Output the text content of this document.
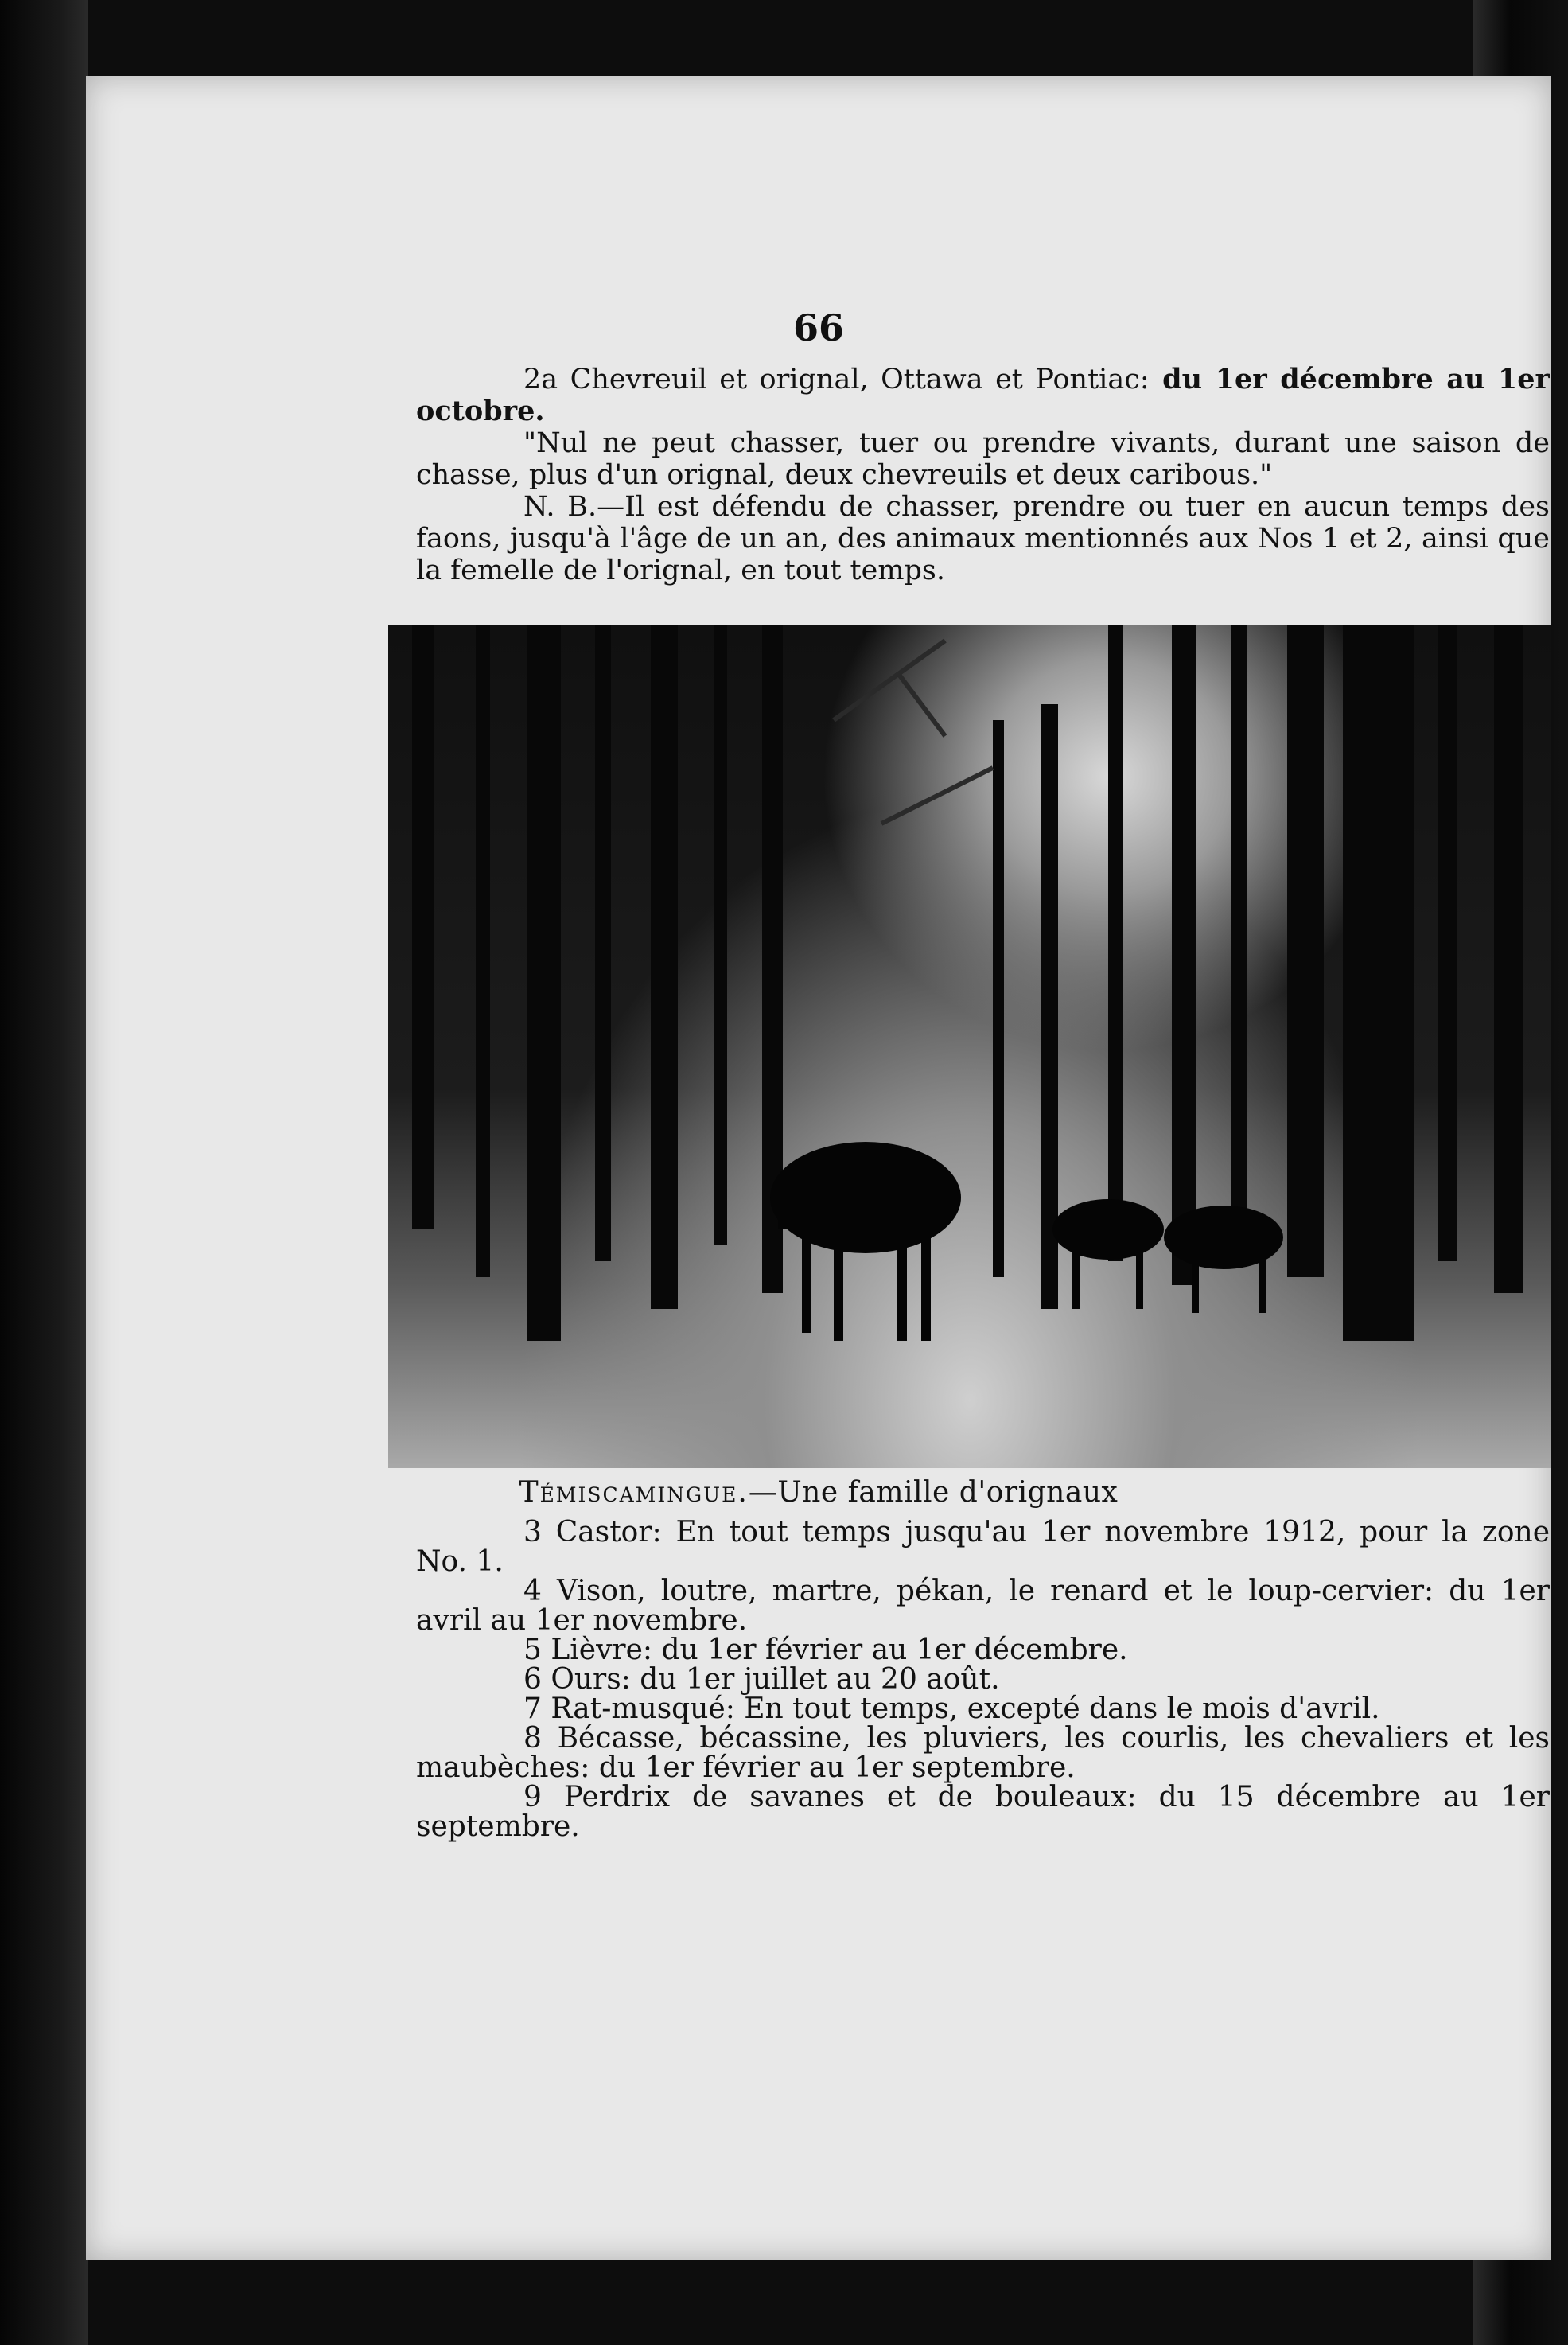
66

2a Chevreuil et orignal, Ottawa et Pontiac: du 1er décembre au 1er octobre.

"Nul ne peut chasser, tuer ou prendre vivants, durant une saison de chasse, plus d'un orignal, deux chevreuils et deux caribous."

N. B.—Il est défendu de chasser, prendre ou tuer en aucun temps des faons, jusqu'à l'âge de un an, des animaux mentionnés aux Nos 1 et 2, ainsi que la femelle de l'orignal, en tout temps.

Témiscamingue.—Une famille d'orignaux

3 Castor: En tout temps jusqu'au 1er novembre 1912, pour la zone No. 1.

4 Vison, loutre, martre, pékan, le renard et le loup-cervier: du 1er avril au 1er novembre.

5 Lièvre: du 1er février au 1er décembre.

6 Ours: du 1er juillet au 20 août.

7 Rat-musqué: En tout temps, excepté dans le mois d'avril.

8 Bécasse, bécassine, les pluviers, les courlis, les chevaliers et les maubèches: du 1er février au 1er septembre.

9 Perdrix de savanes et de bouleaux: du 15 décembre au 1er septembre.
